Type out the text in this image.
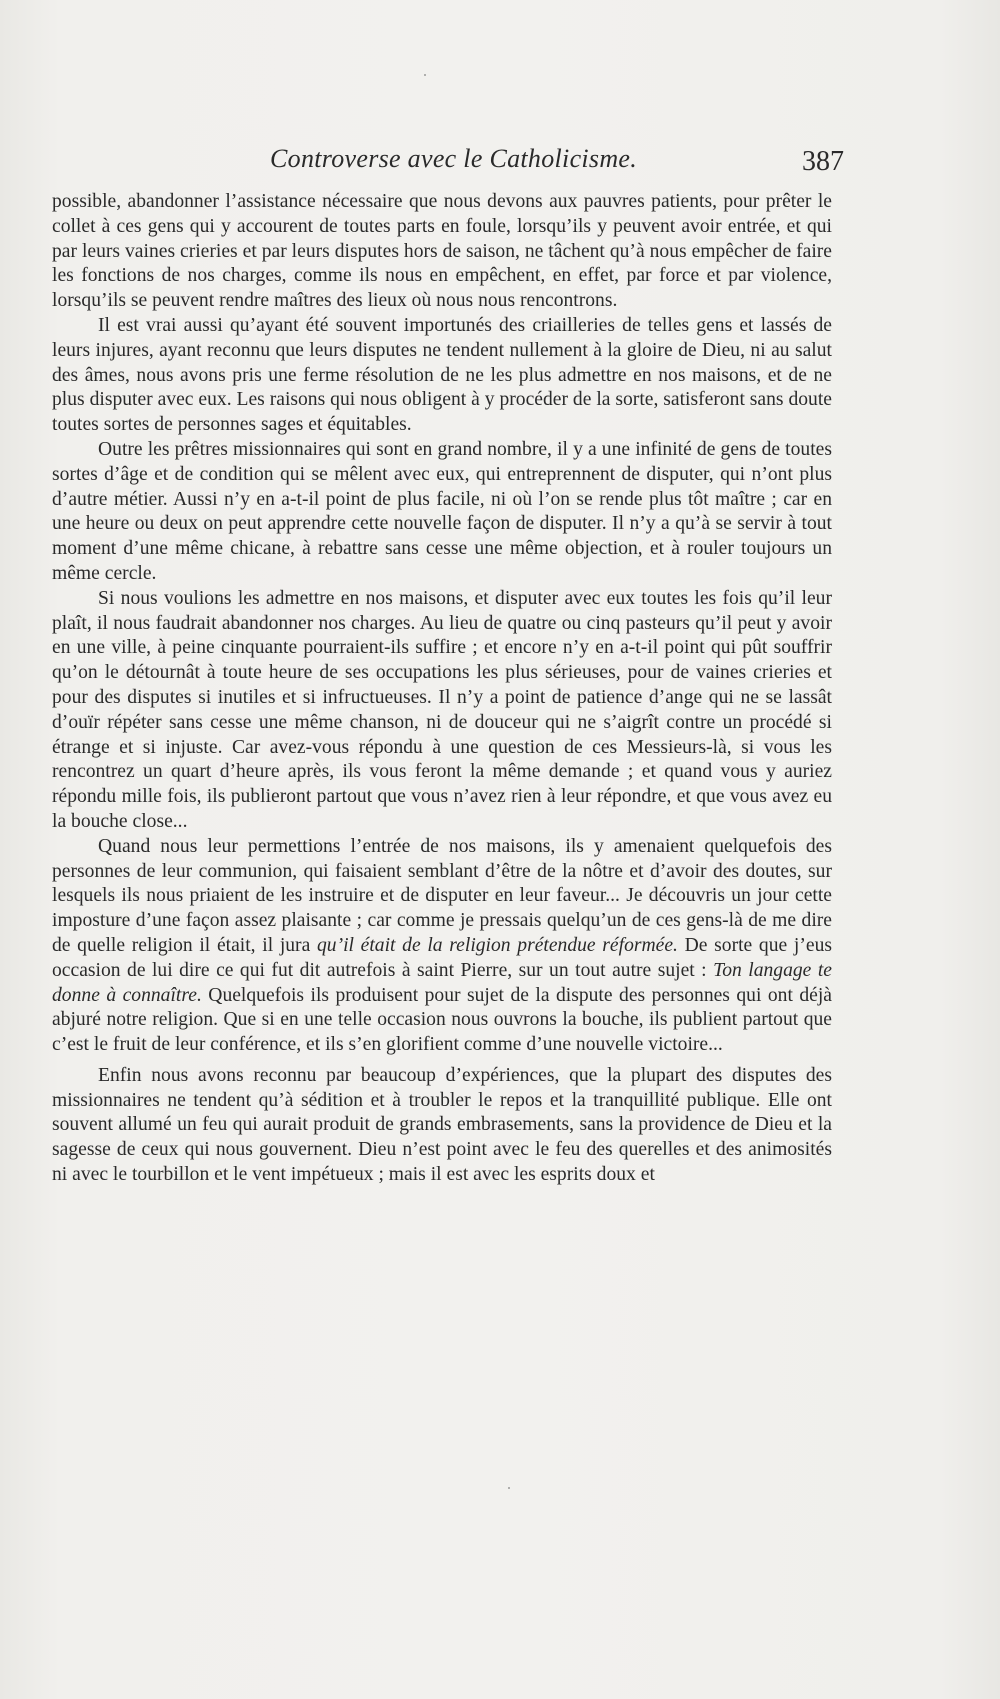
Controverse avec le Catholicisme.	387

possible, abandonner l’assistance nécessaire que nous devons aux pauvres patients, pour prêter le collet à ces gens qui y accourent de toutes parts en foule, lorsqu’ils y peuvent avoir entrée, et qui par leurs vaines crieries et par leurs disputes hors de saison, ne tâchent qu’à nous empêcher de faire les fonctions de nos charges, comme ils nous en empêchent, en effet, par force et par violence, lorsqu’ils se peuvent rendre maîtres des lieux où nous nous rencontrons.

Il est vrai aussi qu’ayant été souvent importunés des criailleries de telles gens et lassés de leurs injures, ayant reconnu que leurs disputes ne tendent nullement à la gloire de Dieu, ni au salut des âmes, nous avons pris une ferme résolution de ne les plus admettre en nos maisons, et de ne plus disputer avec eux. Les raisons qui nous obligent à y procéder de la sorte, satisferont sans doute toutes sortes de personnes sages et équitables.

Outre les prêtres missionnaires qui sont en grand nombre, il y a une infinité de gens de toutes sortes d’âge et de condition qui se mêlent avec eux, qui entreprennent de disputer, qui n’ont plus d’autre métier. Aussi n’y en a-t-il point de plus facile, ni où l’on se rende plus tôt maître ; car en une heure ou deux on peut apprendre cette nouvelle façon de disputer. Il n’y a qu’à se servir à tout moment d’une même chicane, à rebattre sans cesse une même objection, et à rouler toujours un même cercle.

Si nous voulions les admettre en nos maisons, et disputer avec eux toutes les fois qu’il leur plaît, il nous faudrait abandonner nos charges. Au lieu de quatre ou cinq pasteurs qu’il peut y avoir en une ville, à peine cinquante pourraient-ils suffire ; et encore n’y en a-t-il point qui pût souffrir qu’on le détournât à toute heure de ses occupations les plus sérieuses, pour de vaines crieries et pour des disputes si inutiles et si infructueuses. Il n’y a point de patience d’ange qui ne se lassât d’ouïr répéter sans cesse une même chanson, ni de douceur qui ne s’aigrît contre un procédé si étrange et si injuste. Car avez-vous répondu à une question de ces Messieurs-là, si vous les rencontrez un quart d’heure après, ils vous feront la même demande ; et quand vous y auriez répondu mille fois, ils publieront partout que vous n’avez rien à leur répondre, et que vous avez eu la bouche close...

Quand nous leur permettions l’entrée de nos maisons, ils y amenaient quelquefois des personnes de leur communion, qui faisaient semblant d’être de la nôtre et d’avoir des doutes, sur lesquels ils nous priaient de les instruire et de disputer en leur faveur... Je découvris un jour cette imposture d’une façon assez plaisante ; car comme je pressais quelqu’un de ces gens-là de me dire de quelle religion il était, il jura qu’il était de la religion prétendue réformée. De sorte que j’eus occasion de lui dire ce qui fut dit autrefois à saint Pierre, sur un tout autre sujet : Ton langage te donne à connaître. Quelquefois ils produisent pour sujet de la dispute des personnes qui ont déjà abjuré notre religion. Que si en une telle occasion nous ouvrons la bouche, ils publient partout que c’est le fruit de leur conférence, et ils s’en glorifient comme d’une nouvelle victoire...

Enfin nous avons reconnu par beaucoup d’expériences, que la plupart des disputes des missionnaires ne tendent qu’à sédition et à troubler le repos et la tranquillité publique. Elle ont souvent allumé un feu qui aurait produit de grands embrasements, sans la providence de Dieu et la sagesse de ceux qui nous gouvernent. Dieu n’est point avec le feu des querelles et des animosités ni avec le tourbillon et le vent impétueux ; mais il est avec les esprits doux et
